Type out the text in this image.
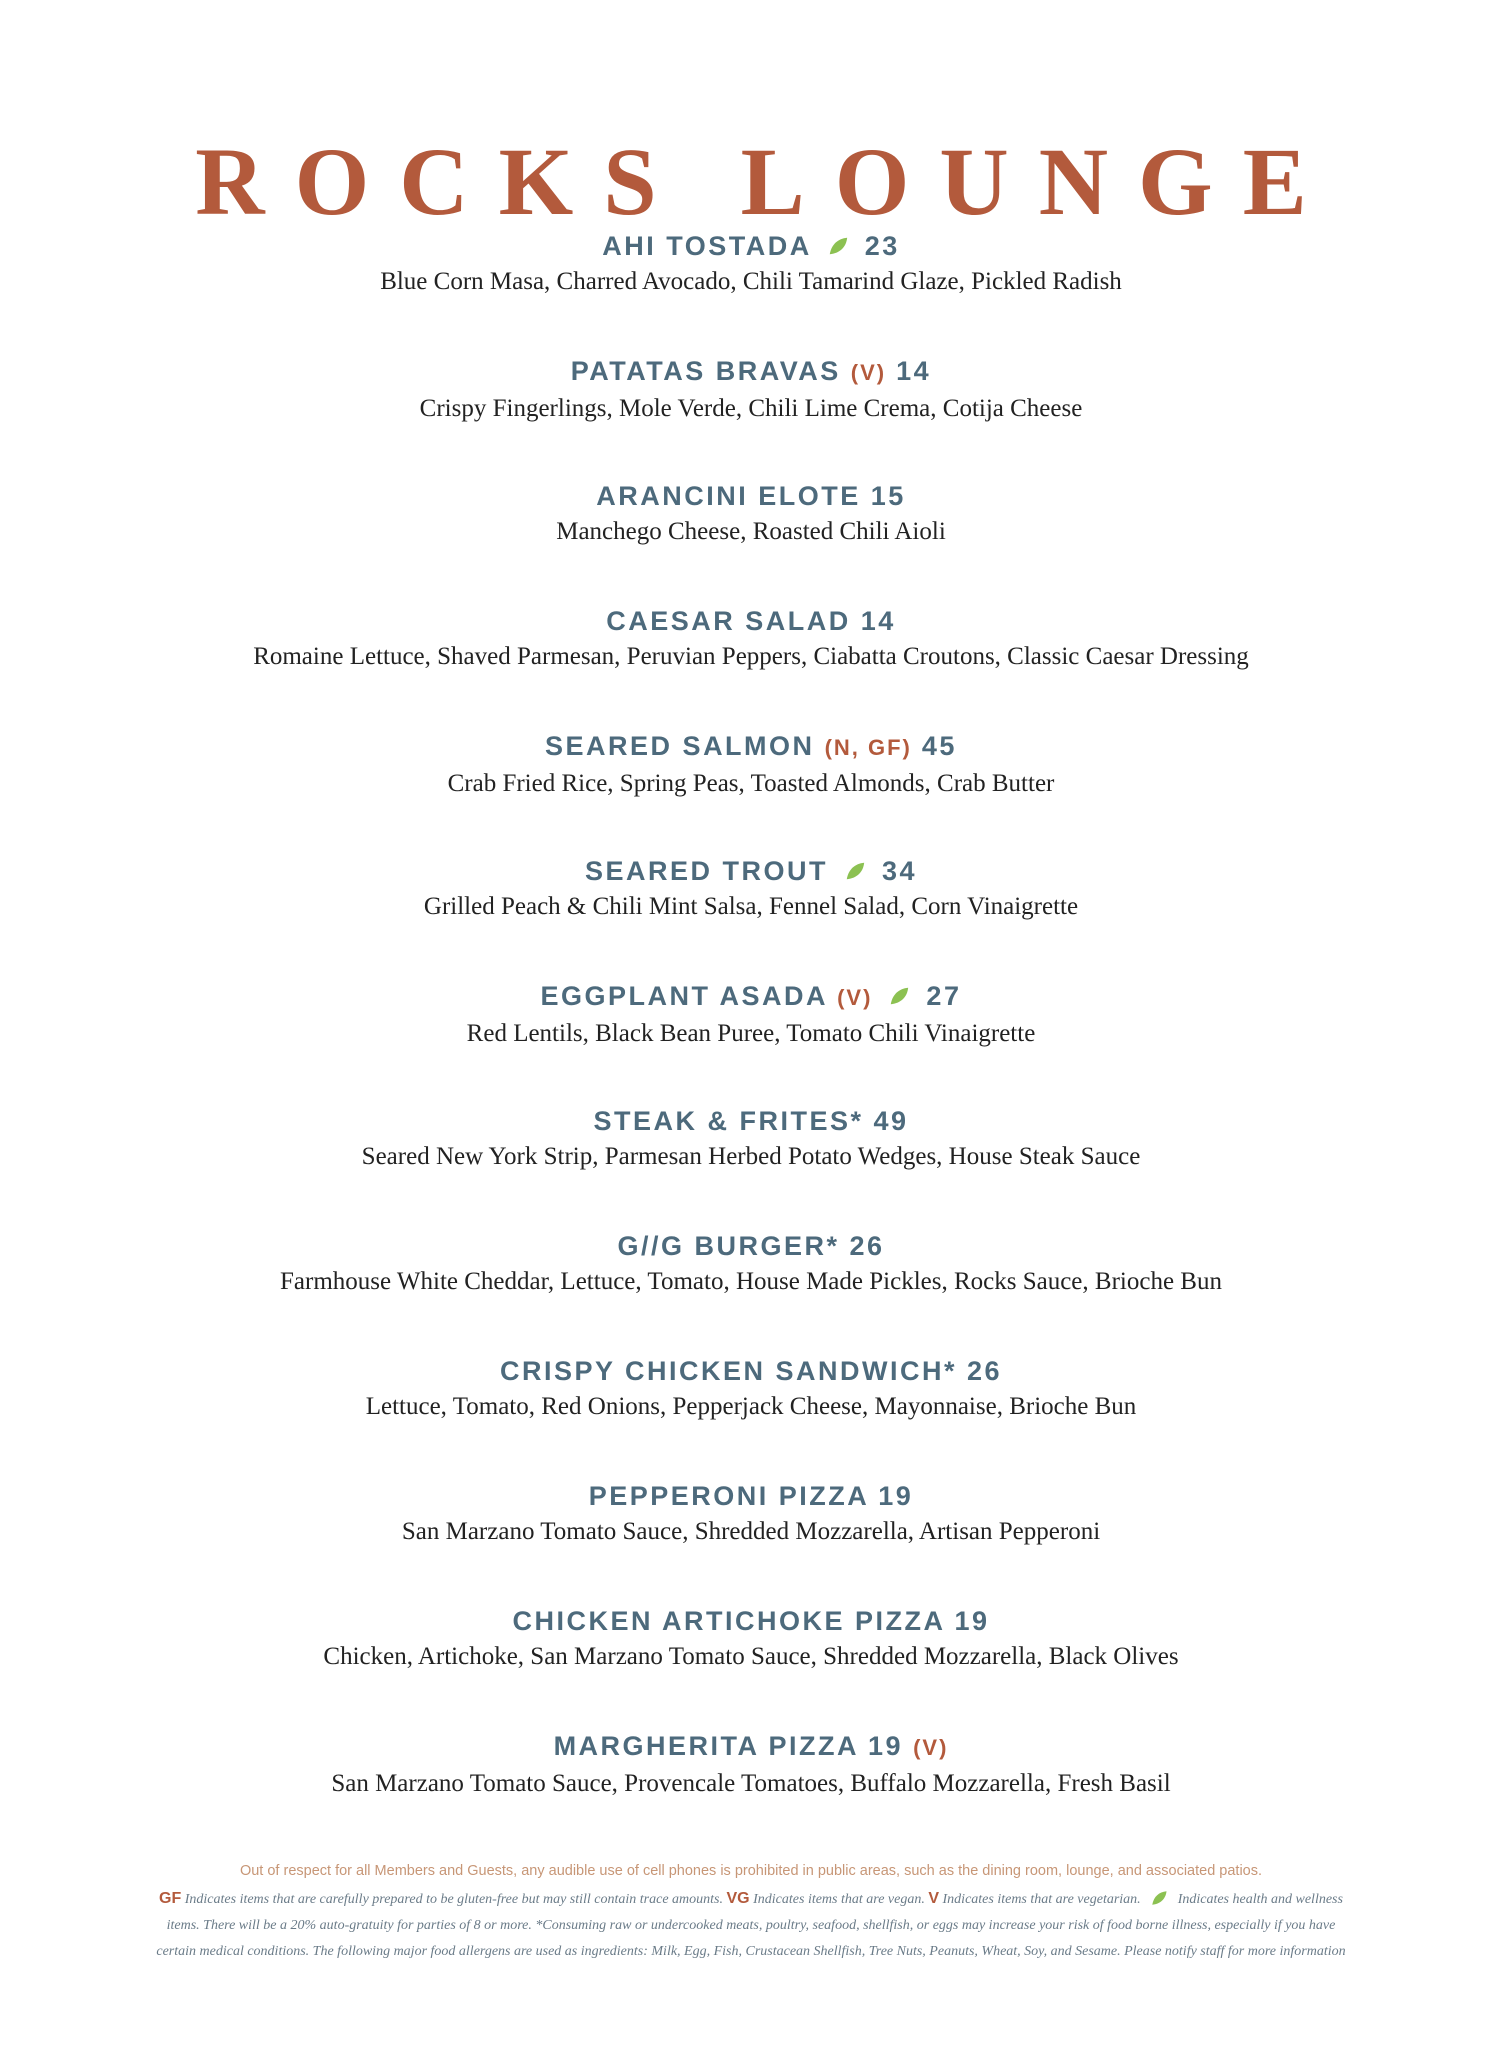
ROCKS LOUNGE
AHI TOSTADA 23
Blue Corn Masa, Charred Avocado, Chili Tamarind Glaze, Pickled Radish
PATATAS BRAVAS (V) 14
Crispy Fingerlings, Mole Verde, Chili Lime Crema, Cotija Cheese
ARANCINI ELOTE 15
Manchego Cheese, Roasted Chili Aioli
CAESAR SALAD 14
Romaine Lettuce, Shaved Parmesan, Peruvian Peppers, Ciabatta Croutons, Classic Caesar Dressing
SEARED SALMON (N, GF) 45
Crab Fried Rice, Spring Peas, Toasted Almonds, Crab Butter
SEARED TROUT 34
Grilled Peach & Chili Mint Salsa, Fennel Salad, Corn Vinaigrette
EGGPLANT ASADA (V) 27
Red Lentils, Black Bean Puree, Tomato Chili Vinaigrette
STEAK & FRITES* 49
Seared New York Strip, Parmesan Herbed Potato Wedges, House Steak Sauce
G//G BURGER* 26
Farmhouse White Cheddar, Lettuce, Tomato, House Made Pickles, Rocks Sauce, Brioche Bun
CRISPY CHICKEN SANDWICH* 26
Lettuce, Tomato, Red Onions, Pepperjack Cheese, Mayonnaise, Brioche Bun
PEPPERONI PIZZA 19
San Marzano Tomato Sauce, Shredded Mozzarella, Artisan Pepperoni
CHICKEN ARTICHOKE PIZZA 19
Chicken, Artichoke, San Marzano Tomato Sauce, Shredded Mozzarella, Black Olives
MARGHERITA PIZZA 19 (V)
San Marzano Tomato Sauce, Provencale Tomatoes, Buffalo Mozzarella, Fresh Basil
Out of respect for all Members and Guests, any audible use of cell phones is prohibited in public areas, such as the dining room, lounge, and associated patios.
GF Indicates items that are carefully prepared to be gluten-free but may still contain trace amounts. VG Indicates items that are vegan. V Indicates items that are vegetarian.	Indicates health and wellness items. There will be a 20% auto-gratuity for parties of 8 or more. *Consuming raw or undercooked meats, poultry, seafood, shellfish, or eggs may increase your risk of food borne illness, especially if you have certain medical conditions. The following major food allergens are used as ingredients: Milk, Egg, Fish, Crustacean Shellfish, Tree Nuts, Peanuts, Wheat, Soy, and Sesame. Please notify staff for more information
